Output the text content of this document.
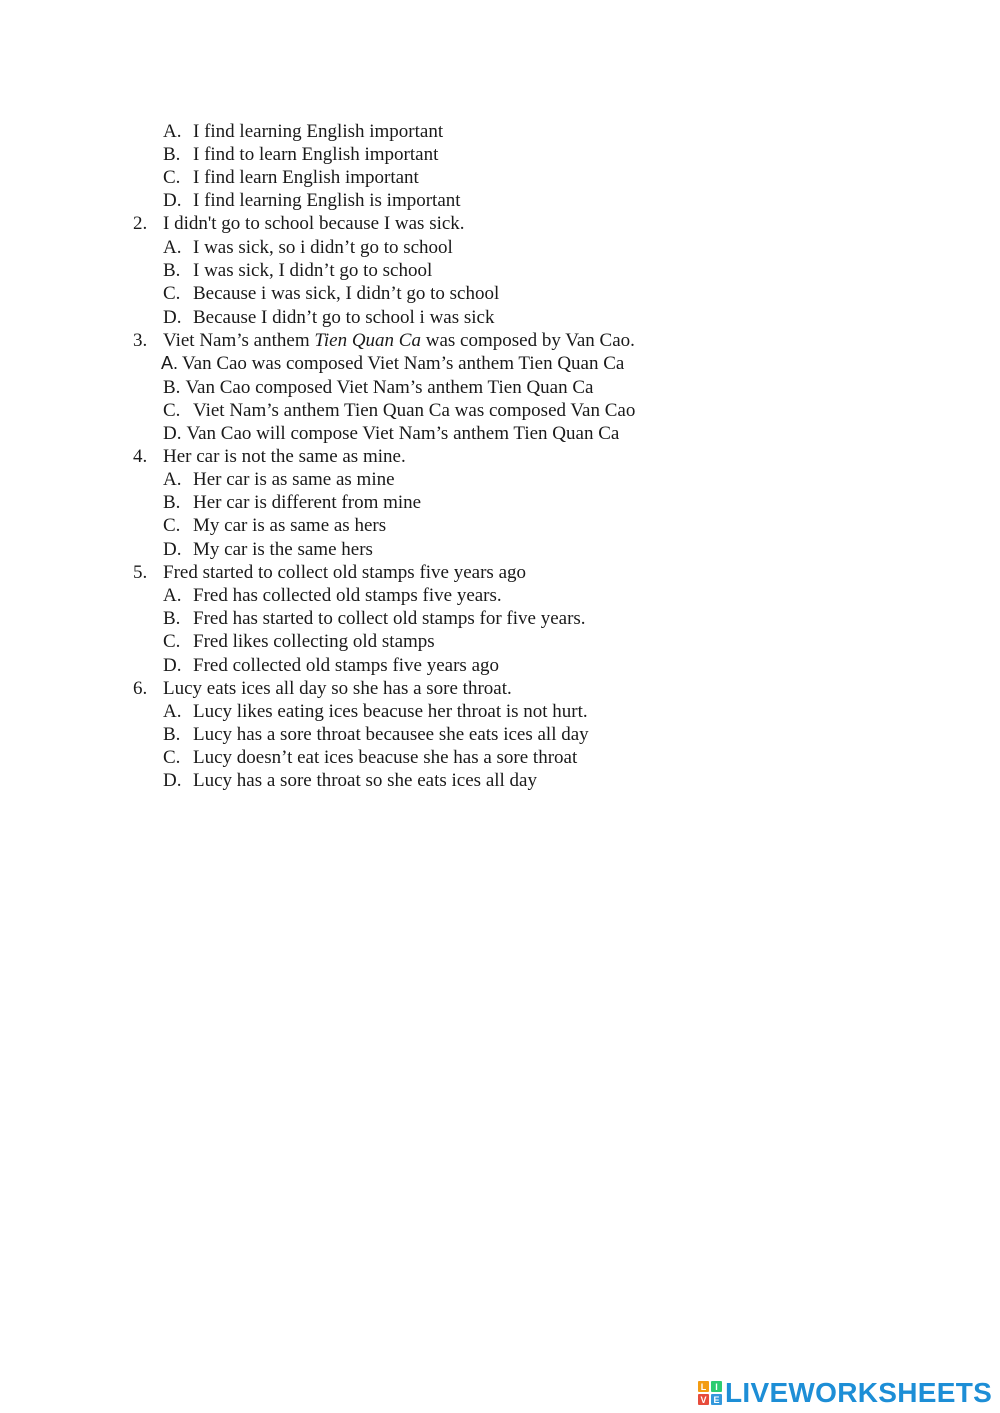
A. I find learning English important
B. I find to learn English important
C. I find learn English important
D. I find learning English is important
2. I didn't go to school because I was sick.
A. I was sick, so i didn’t go to school
B. I was sick, I didn’t go to school
C. Because i was sick, I didn’t go to school
D. Because I didn’t go to school i was sick
3. Viet Nam’s anthem Tien Quan Ca was composed by Van Cao.
A. Van Cao was composed Viet Nam’s anthem Tien Quan Ca
B. Van Cao composed Viet Nam’s anthem Tien Quan Ca
C. Viet Nam’s anthem Tien Quan Ca was composed Van Cao
D. Van Cao will compose Viet Nam’s anthem Tien Quan Ca
4. Her car is not the same as mine.
A. Her car is as same as mine
B. Her car is different from mine
C. My car is as same as hers
D. My car is the same hers
5. Fred started to collect old stamps five years ago
A. Fred has collected old stamps five years.
B. Fred has started to collect old stamps for five years.
C. Fred likes collecting old stamps
D. Fred collected old stamps five years ago
6. Lucy eats ices all day so she has a sore throat.
A. Lucy likes eating ices beacuse her throat is not hurt.
B. Lucy has a sore throat becausee she eats ices all day
C. Lucy doesn’t eat ices beacuse she has a sore throat
D. Lucy has a sore throat so she eats ices all day
L I
V E LIVEWORKSHEETS
